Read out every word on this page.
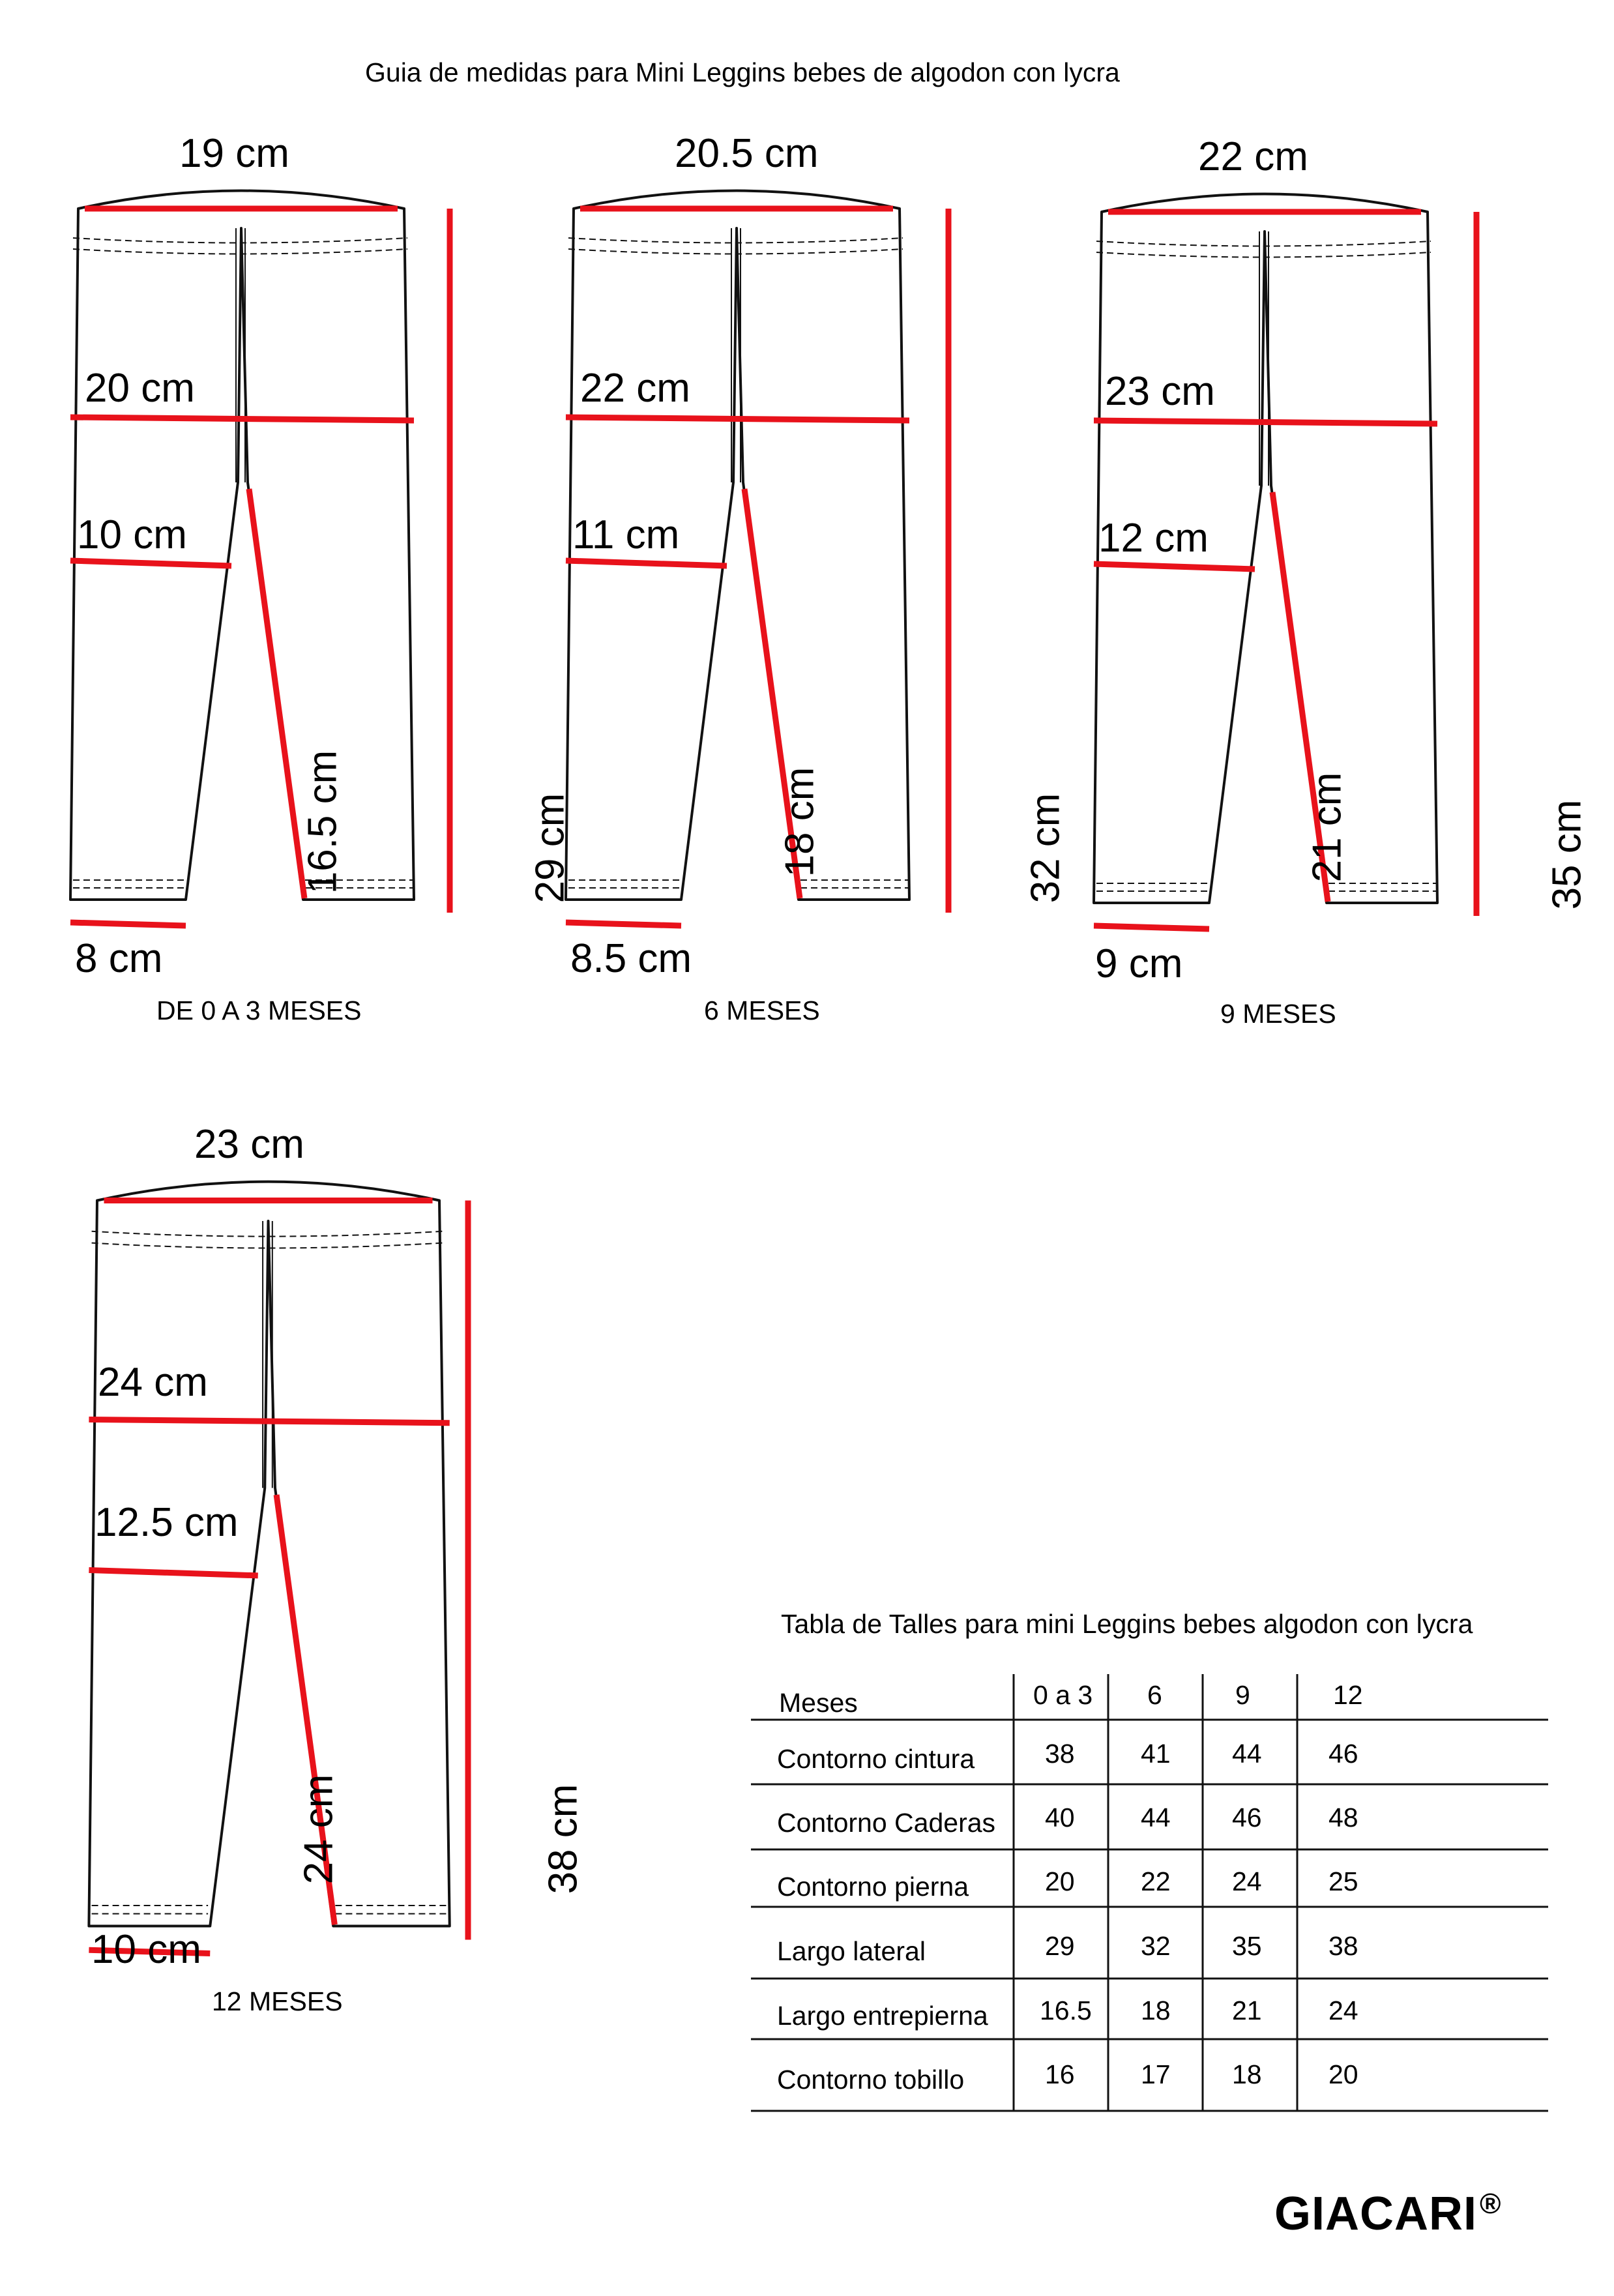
Guia de medidas para Mini Leggins bebes de algodon con lycra
19 cm
20 cm
10 cm
16.5 cm	29 cm
8 cm
DE 0 A 3 MESES
20.5 cm
22 cm
11 cm
18 cm	32 cm
8.5 cm
6 MESES
22 cm
23 cm
12 cm
21 cm	35 cm
9 cm
9 MESES
23 cm
24 cm
12.5 cm
24 cm	38 cm
10 cm
12 MESES
Tabla de Talles para mini Leggins bebes algodon con lycra
Meses	0 a 3 6	9	12
Contorno cintura	38 41 44 46
Contorno Caderas 40 44 46 48
Contorno pierna	20 22 24 25
Largo lateral	29 32 35 38
Largo entrepierna 16.5 18 21 24
Contorno tobillo	16 17 18 20
GIACARI®
